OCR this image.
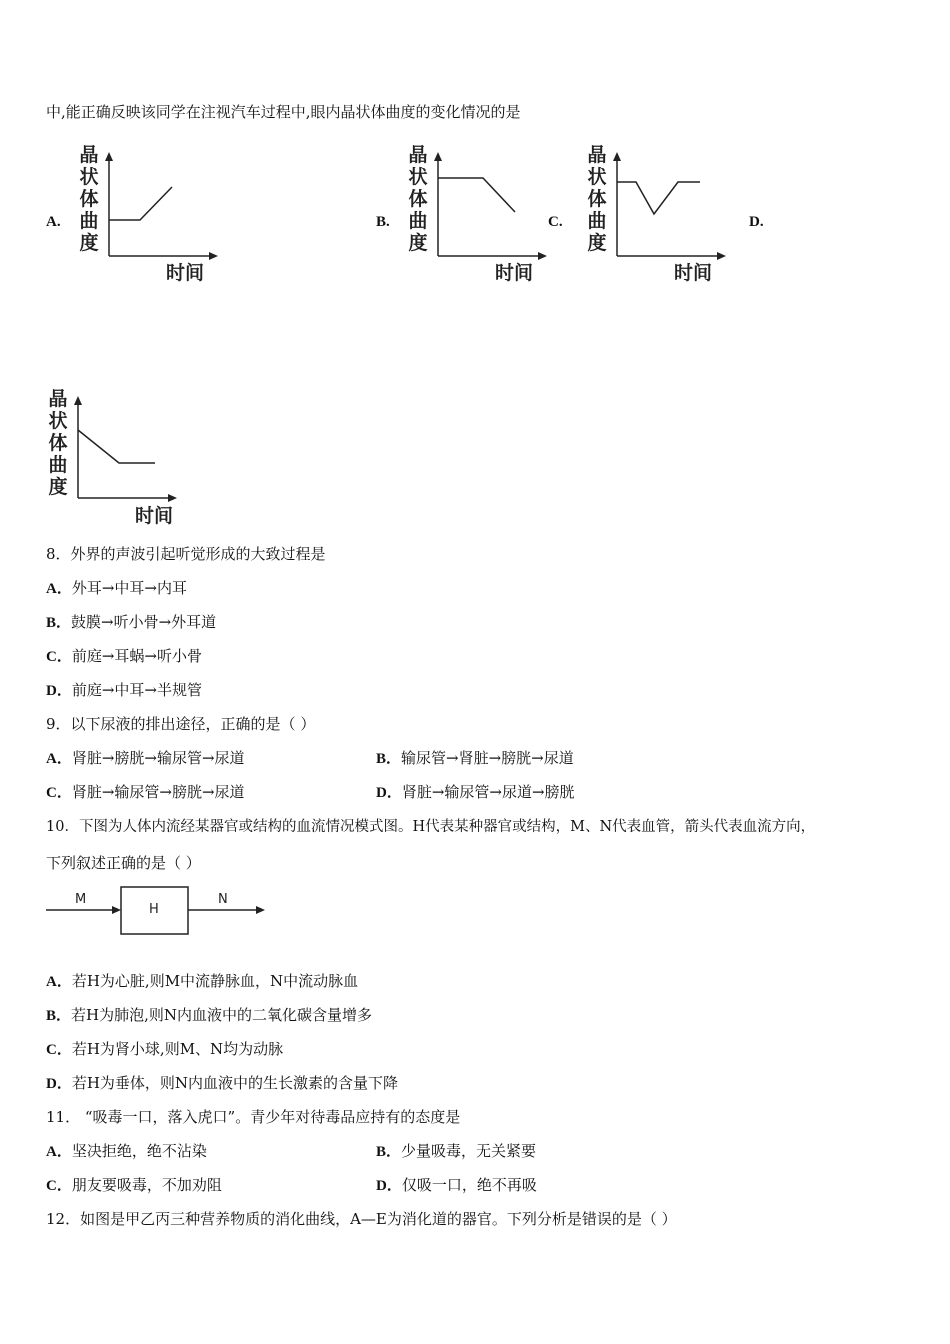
中,能正确反映该同学在注视汽车过程中,眼内晶状体曲度的变化情况的是
A.	B.	C.	D.
晶
状
体
曲
度
时间
晶
状
体
曲
度
时间
晶
状
体
曲
度
时间
晶
状
体
曲
度
时间
8．外界的声波引起听觉形成的大致过程是
A．外耳→中耳→内耳
B．鼓膜→听小骨→外耳道
C．前庭→耳蜗→听小骨
D．前庭→中耳→半规管
9．以下尿液的排出途径，正确的是（ ）
A．肾脏→膀胱→输尿管→尿道	B．输尿管→肾脏→膀胱→尿道
C．肾脏→输尿管→膀胱→尿道	D．肾脏→输尿管→尿道→膀胱
10．下图为人体内流经某器官或结构的血流情况模式图。H代表某种器官或结构，M、N代表血管，箭头代表血流方向，
下列叙述正确的是（ ）
M
H
N
A．若H为心脏,则M中流静脉血，N中流动脉血
B．若H为肺泡,则N内血液中的二氧化碳含量增多
C．若H为肾小球,则M、N均为动脉
D．若H为垂体，则N内血液中的生长激素的含量下降
11． “吸毒一口，落入虎口”。青少年对待毒品应持有的态度是
A．坚决拒绝，绝不沾染	B．少量吸毒，无关紧要
C．朋友要吸毒，不加劝阻	D．仅吸一口，绝不再吸
12．如图是甲乙丙三种营养物质的消化曲线，A—E为消化道的器官。下列分析是错误的是（ ）
